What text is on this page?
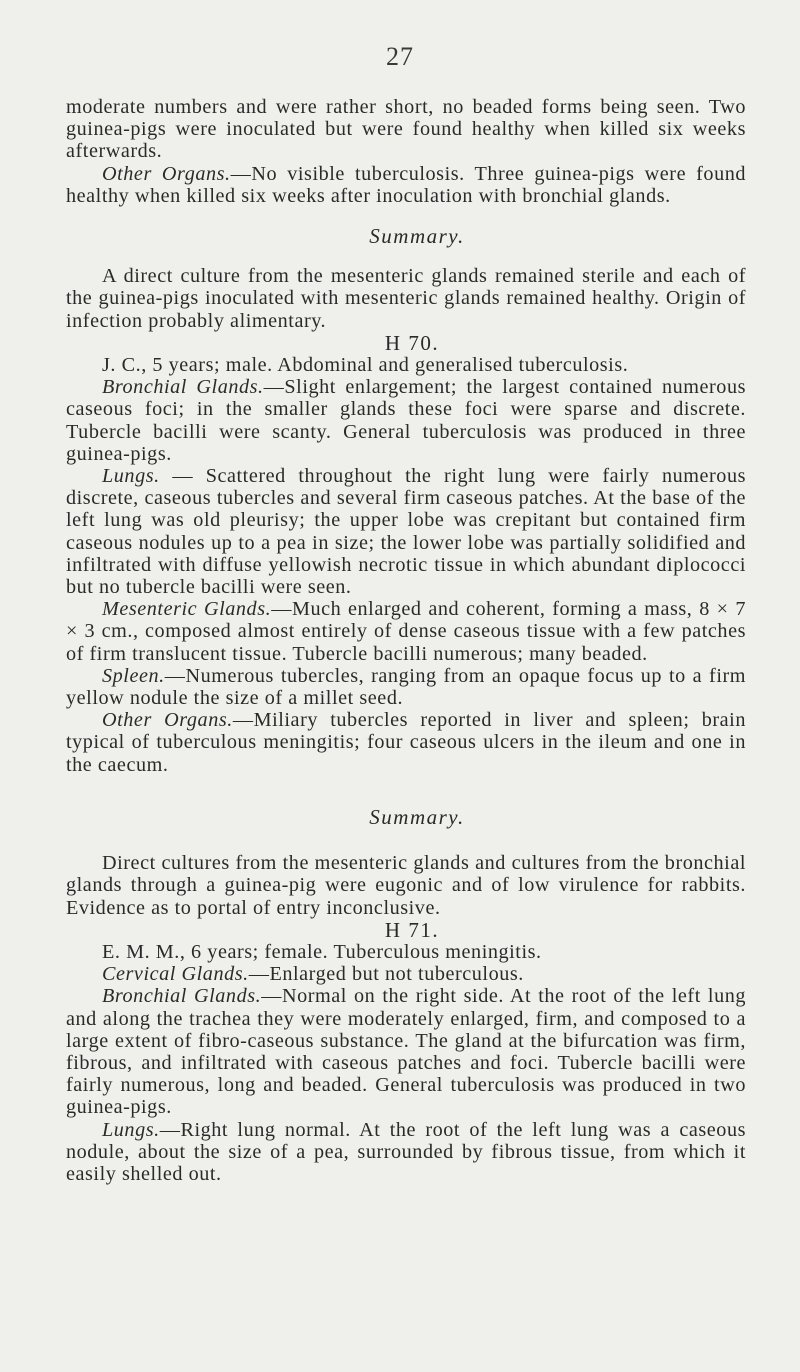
27

moderate numbers and were rather short, no beaded forms being seen. Two guinea-pigs were inoculated but were found healthy when killed six weeks afterwards.

Other Organs.—No visible tuberculosis. Three guinea-pigs were found healthy when killed six weeks after inoculation with bronchial glands.

Summary.

A direct culture from the mesenteric glands remained sterile and each of the guinea-pigs inoculated with mesenteric glands remained healthy. Origin of infection probably alimentary.

H 70.

J. C., 5 years; male. Abdominal and generalised tuberculosis.

Bronchial Glands.—Slight enlargement; the largest contained numerous caseous foci; in the smaller glands these foci were sparse and discrete. Tubercle bacilli were scanty. General tuberculosis was produced in three guinea-pigs.

Lungs. — Scattered throughout the right lung were fairly numerous discrete, caseous tubercles and several firm caseous patches. At the base of the left lung was old pleurisy; the upper lobe was crepitant but contained firm caseous nodules up to a pea in size; the lower lobe was partially solidified and infiltrated with diffuse yellowish necrotic tissue in which abundant diplococci but no tubercle bacilli were seen.

Mesenteric Glands.—Much enlarged and coherent, forming a mass, 8 × 7 × 3 cm., composed almost entirely of dense caseous tissue with a few patches of firm translucent tissue. Tubercle bacilli numerous; many beaded.

Spleen.—Numerous tubercles, ranging from an opaque focus up to a firm yellow nodule the size of a millet seed.

Other Organs.—Miliary tubercles reported in liver and spleen; brain typical of tuberculous meningitis; four caseous ulcers in the ileum and one in the caecum.

Summary.

Direct cultures from the mesenteric glands and cultures from the bronchial glands through a guinea-pig were eugonic and of low virulence for rabbits. Evidence as to portal of entry inconclusive.

H 71.

E. M. M., 6 years; female. Tuberculous meningitis.

Cervical Glands.—Enlarged but not tuberculous.

Bronchial Glands.—Normal on the right side. At the root of the left lung and along the trachea they were moderately enlarged, firm, and composed to a large extent of fibro-caseous substance. The gland at the bifurcation was firm, fibrous, and infiltrated with caseous patches and foci. Tubercle bacilli were fairly numerous, long and beaded. General tuberculosis was produced in two guinea-pigs.

Lungs.—Right lung normal. At the root of the left lung was a caseous nodule, about the size of a pea, surrounded by fibrous tissue, from which it easily shelled out.
